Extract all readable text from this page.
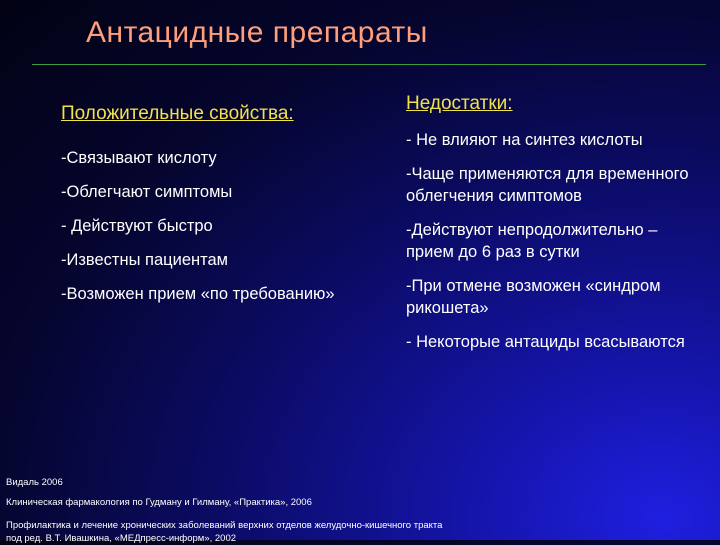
Антацидные препараты
Положительные свойства:
-Связывают кислоту
-Облегчают симптомы
- Действуют быстро
-Известны пациентам
-Возможен прием «по требованию»
Недостатки:
- Не влияют на синтез кислоты
-Чаще применяются для временного облегчения симптомов
-Действуют непродолжительно – прием до 6 раз в сутки
-При отмене возможен «синдром рикошета»
- Некоторые антациды всасываются
Видаль 2006
Клиническая фармакология по Гудману и Гилману, «Практика», 2006
Профилактика и лечение хронических заболеваний верхних отделов желудочно-кишечного тракта
под ред. В.Т. Ивашкина, «МЕДпресс-информ», 2002
